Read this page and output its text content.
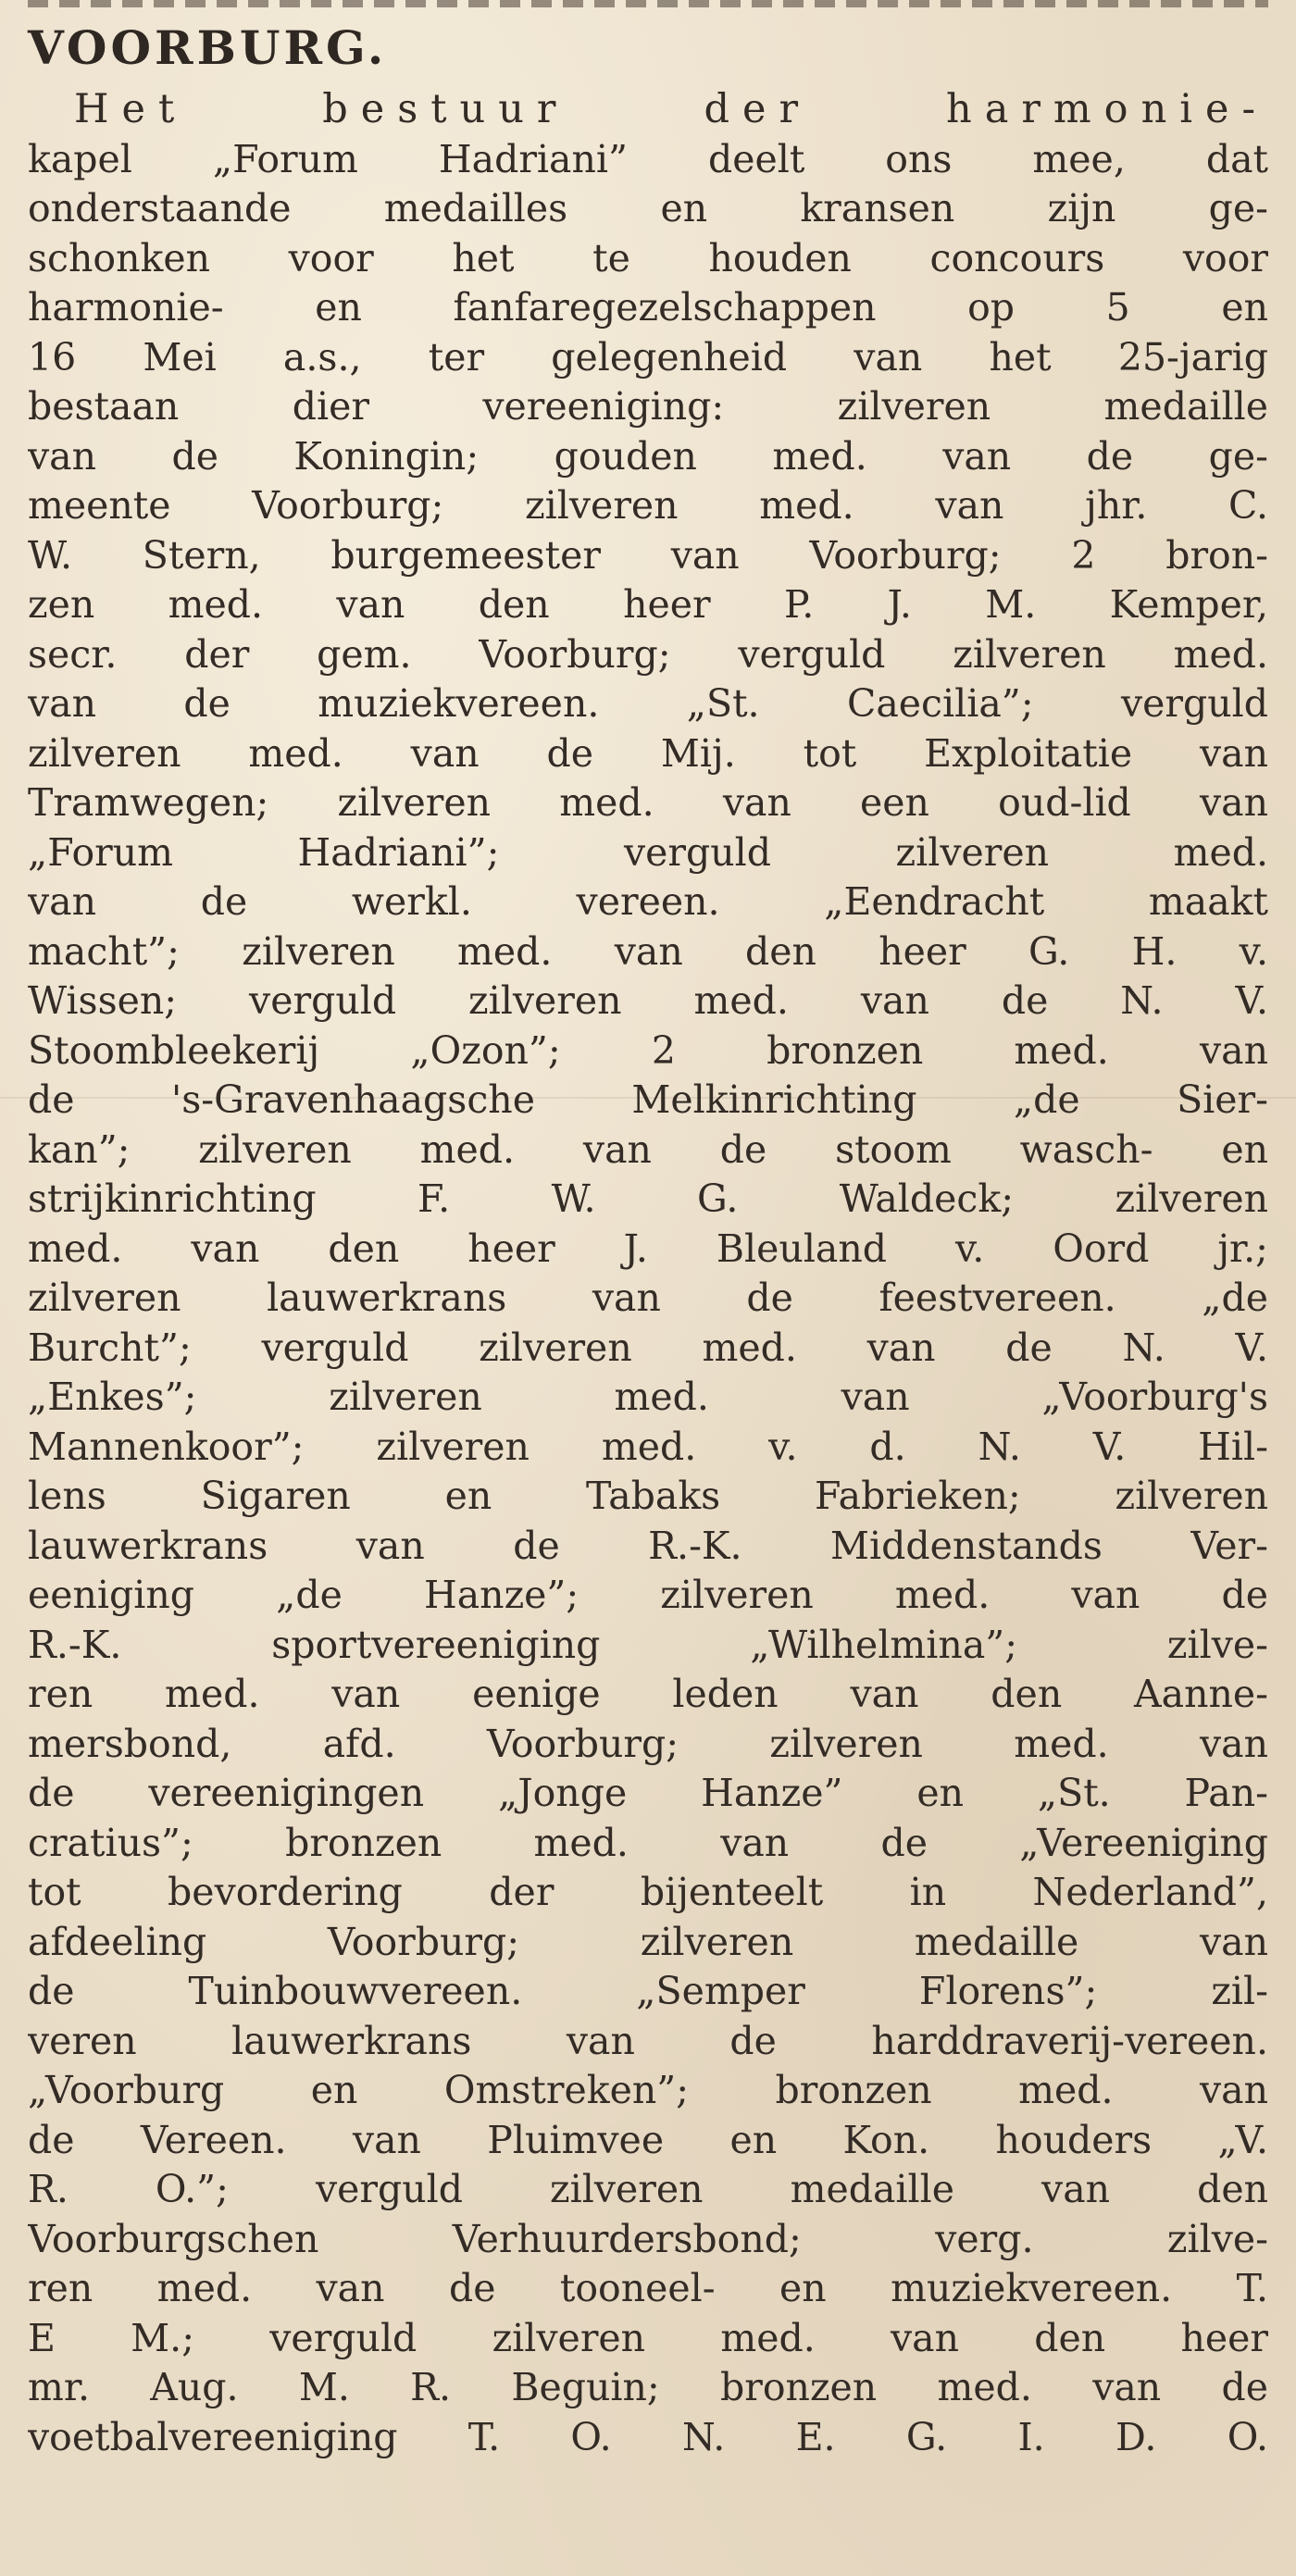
VOORBURG.
Het bestuur der harmonie-
kapel „Forum Hadriani” deelt ons mee, dat
onderstaande medailles en kransen zijn ge-
schonken voor het te houden concours voor
harmonie- en fanfaregezelschappen op 5 en
16 Mei a.s., ter gelegenheid van het 25-jarig
bestaan dier vereeniging: zilveren medaille
van de Koningin; gouden med. van de ge-
meente Voorburg; zilveren med. van jhr. C.
W. Stern, burgemeester van Voorburg; 2 bron-
zen med. van den heer P. J. M. Kemper,
secr. der gem. Voorburg; verguld zilveren med.
van de muziekvereen. „St. Caecilia”; verguld
zilveren med. van de Mij. tot Exploitatie van
Tramwegen; zilveren med. van een oud-lid van
„Forum Hadriani”; verguld zilveren med.
van de werkl. vereen. „Eendracht maakt
macht”; zilveren med. van den heer G. H. v.
Wissen; verguld zilveren med. van de N. V.
Stoombleekerij „Ozon”; 2 bronzen med. van
de 's-Gravenhaagsche Melkinrichting „de Sier-
kan”; zilveren med. van de stoom wasch- en
strijkinrichting F. W. G. Waldeck; zilveren
med. van den heer J. Bleuland v. Oord jr.;
zilveren lauwerkrans van de feestvereen. „de
Burcht”; verguld zilveren med. van de N. V.
„Enkes”; zilveren med. van „Voorburg's
Mannenkoor”; zilveren med. v. d. N. V. Hil-
lens Sigaren en Tabaks Fabrieken; zilveren
lauwerkrans van de R.-K. Middenstands Ver-
eeniging „de Hanze”; zilveren med. van de
R.-K. sportvereeniging „Wilhelmina”; zilve-
ren med. van eenige leden van den Aanne-
mersbond, afd. Voorburg; zilveren med. van
de vereenigingen „Jonge Hanze” en „St. Pan-
cratius”; bronzen med. van de „Vereeniging
tot bevordering der bijenteelt in Nederland”,
afdeeling Voorburg; zilveren medaille van
de Tuinbouwvereen. „Semper Florens”; zil-
veren lauwerkrans van de harddraverij-vereen.
„Voorburg en Omstreken”; bronzen med. van
de Vereen. van Pluimvee en Kon. houders „V.
R. O.”; verguld zilveren medaille van den
Voorburgschen Verhuurdersbond; verg. zilve-
ren med. van de tooneel- en muziekvereen. T.
E M.; verguld zilveren med. van den heer
mr. Aug. M. R. Beguin; bronzen med. van de
voetbalvereeniging T. O. N. E. G. I. D. O.
